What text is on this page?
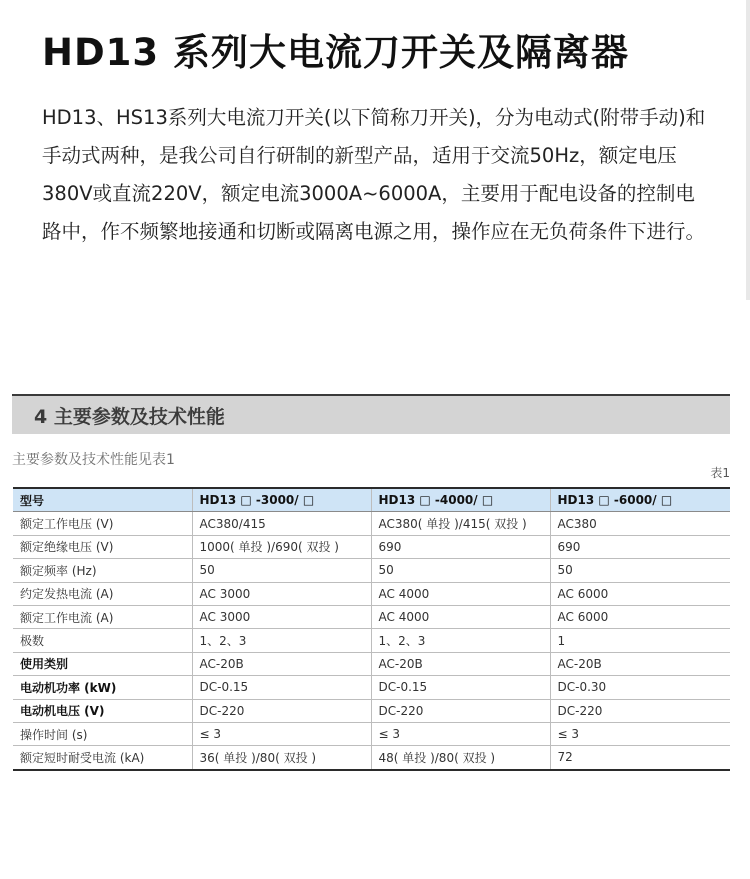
HD13 系列大电流刀开关及隔离器

HD13、HS13系列大电流刀开关(以下简称刀开关)，分为电动式(附带手动)和手动式两种，是我公司自行研制的新型产品，适用于交流50Hz，额定电压380V或直流220V，额定电流3000A~6000A，主要用于配电设备的控制电路中，作不频繁地接通和切断或隔离电源之用，操作应在无负荷条件下进行。

4 主要参数及技术性能

主要参数及技术性能见表1

表1

型号	HD13 □ -3000/ □	HD13 □ -4000/ □	HD13 □ -6000/ □
额定工作电压 (V)	AC380/415	AC380( 单投 )/415( 双投 )	AC380
额定绝缘电压 (V)	1000( 单投 )/690( 双投 )	690	690
额定频率 (Hz)	50	50	50
约定发热电流 (A)	AC 3000	AC 4000	AC 6000
额定工作电流 (A)	AC 3000	AC 4000	AC 6000
极数	1、2、3	1、2、3	1
使用类别	AC-20B	AC-20B	AC-20B
电动机功率 (kW)	DC-0.15	DC-0.15	DC-0.30
电动机电压 (V)	DC-220	DC-220	DC-220
操作时间 (s)	≤ 3	≤ 3	≤ 3
额定短时耐受电流 (kA)	36( 单投 )/80( 双投 )	48( 单投 )/80( 双投 )	72
